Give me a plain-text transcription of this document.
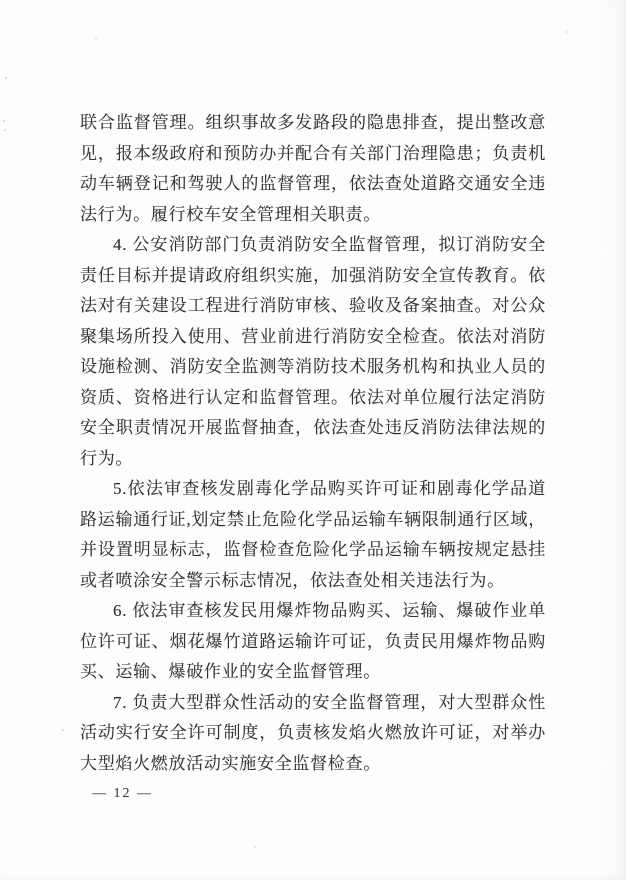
联合监督管理。组织事故多发路段的隐患排查，提出整改意
见，报本级政府和预防办并配合有关部门治理隐患；负责机
动车辆登记和驾驶人的监督管理，依法查处道路交通安全违
法行为。履行校车安全管理相关职责。
4. 公安消防部门负责消防安全监督管理，拟订消防安全
责任目标并提请政府组织实施，加强消防安全宣传教育。依
法对有关建设工程进行消防审核、验收及备案抽查。对公众
聚集场所投入使用、营业前进行消防安全检查。依法对消防
设施检测、消防安全监测等消防技术服务机构和执业人员的
资质、资格进行认定和监督管理。依法对单位履行法定消防
安全职责情况开展监督抽查，依法查处违反消防法律法规的
行为。
5.依法审查核发剧毒化学品购买许可证和剧毒化学品道
路运输通行证,划定禁止危险化学品运输车辆限制通行区域，
并设置明显标志，监督检查危险化学品运输车辆按规定悬挂
或者喷涂安全警示标志情况，依法查处相关违法行为。
6. 依法审查核发民用爆炸物品购买、运输、爆破作业单
位许可证、烟花爆竹道路运输许可证，负责民用爆炸物品购
买、运输、爆破作业的安全监督管理。
7. 负责大型群众性活动的安全监督管理，对大型群众性
活动实行安全许可制度，负责核发焰火燃放许可证，对举办
大型焰火燃放活动实施安全监督检查。
— 12 —
